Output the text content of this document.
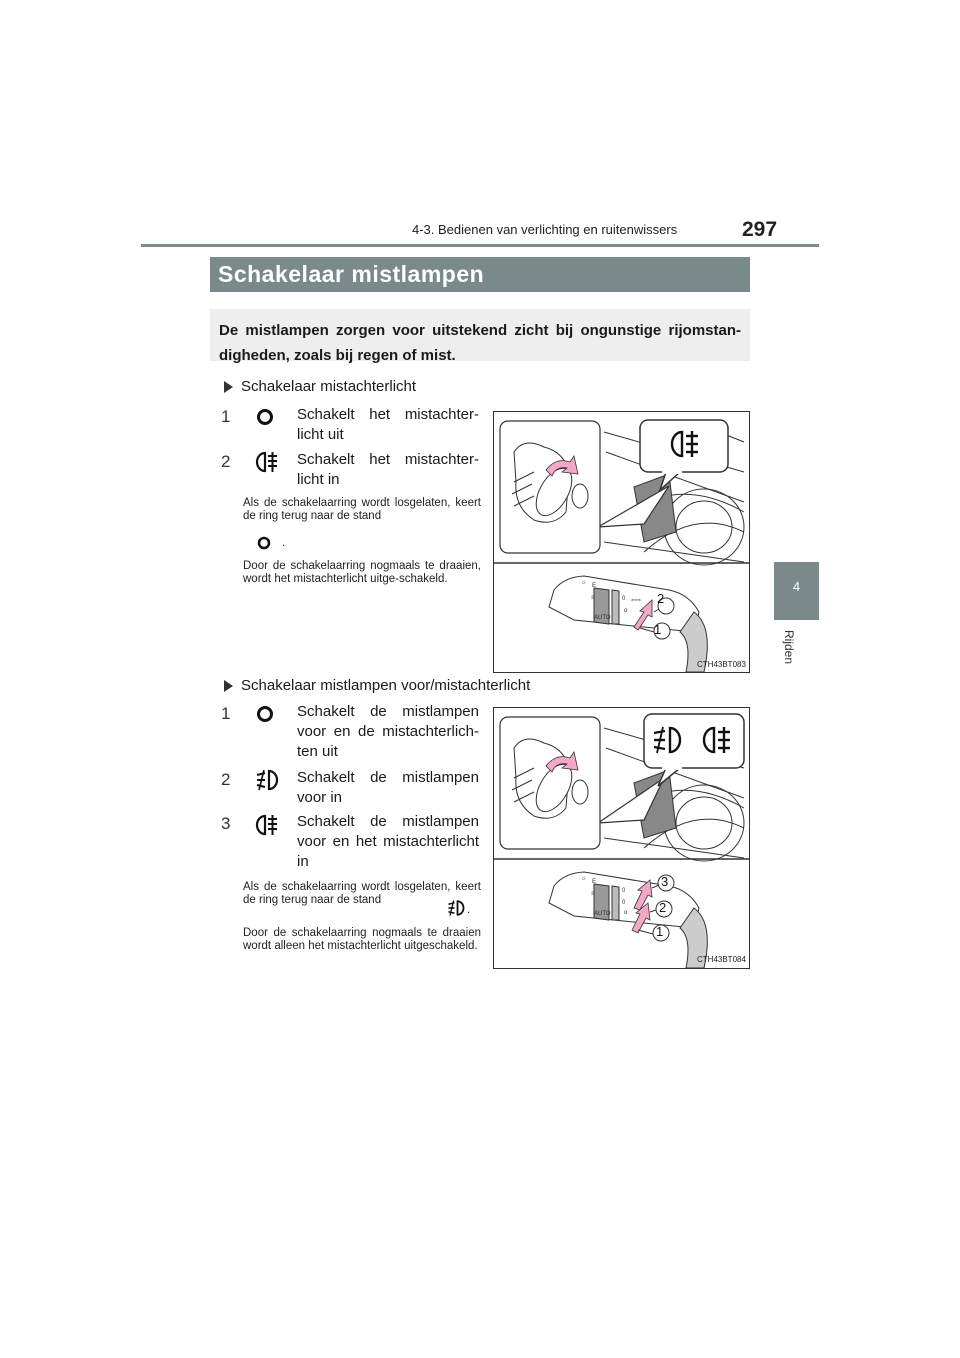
4-3. Bedienen van verlichting en ruitenwissers	297
4
Rijden
Schakelaar mistlampen
De mistlampen zorgen voor uitstekend zicht bij ongunstige rijomstan-digheden, zoals bij regen of mist.
Schakelaar mistachterlicht
1	Schakelt het mistachter-licht uit
2	Schakelt het mistachter-licht in
Als de schakelaarring wordt losgelaten, keert de ring terug naar de stand
.
Door de schakelaarring nogmaals te draaien, wordt het mistachterlicht uitge-schakeld.	☼ E
≡
AUTO
0
o
⇦⇨ 2
1
CTH43BT083
Schakelaar mistlampen voor/mistachterlicht
1	Schakelt de mistlampen voor en de mistachterlich-ten uit
2	Schakelt de mistlampen voor in
3	Schakelt de mistlampen voor en het mistachterlicht in
Als de schakelaarring wordt losgelaten, keert de ring terug naar de stand
.
Door de schakelaarring nogmaals te draaien wordt alleen het mistachterlicht uitgeschakeld.
☼ E
≡
AUTO
0
0
o
3
2
1
CTH43BT084
